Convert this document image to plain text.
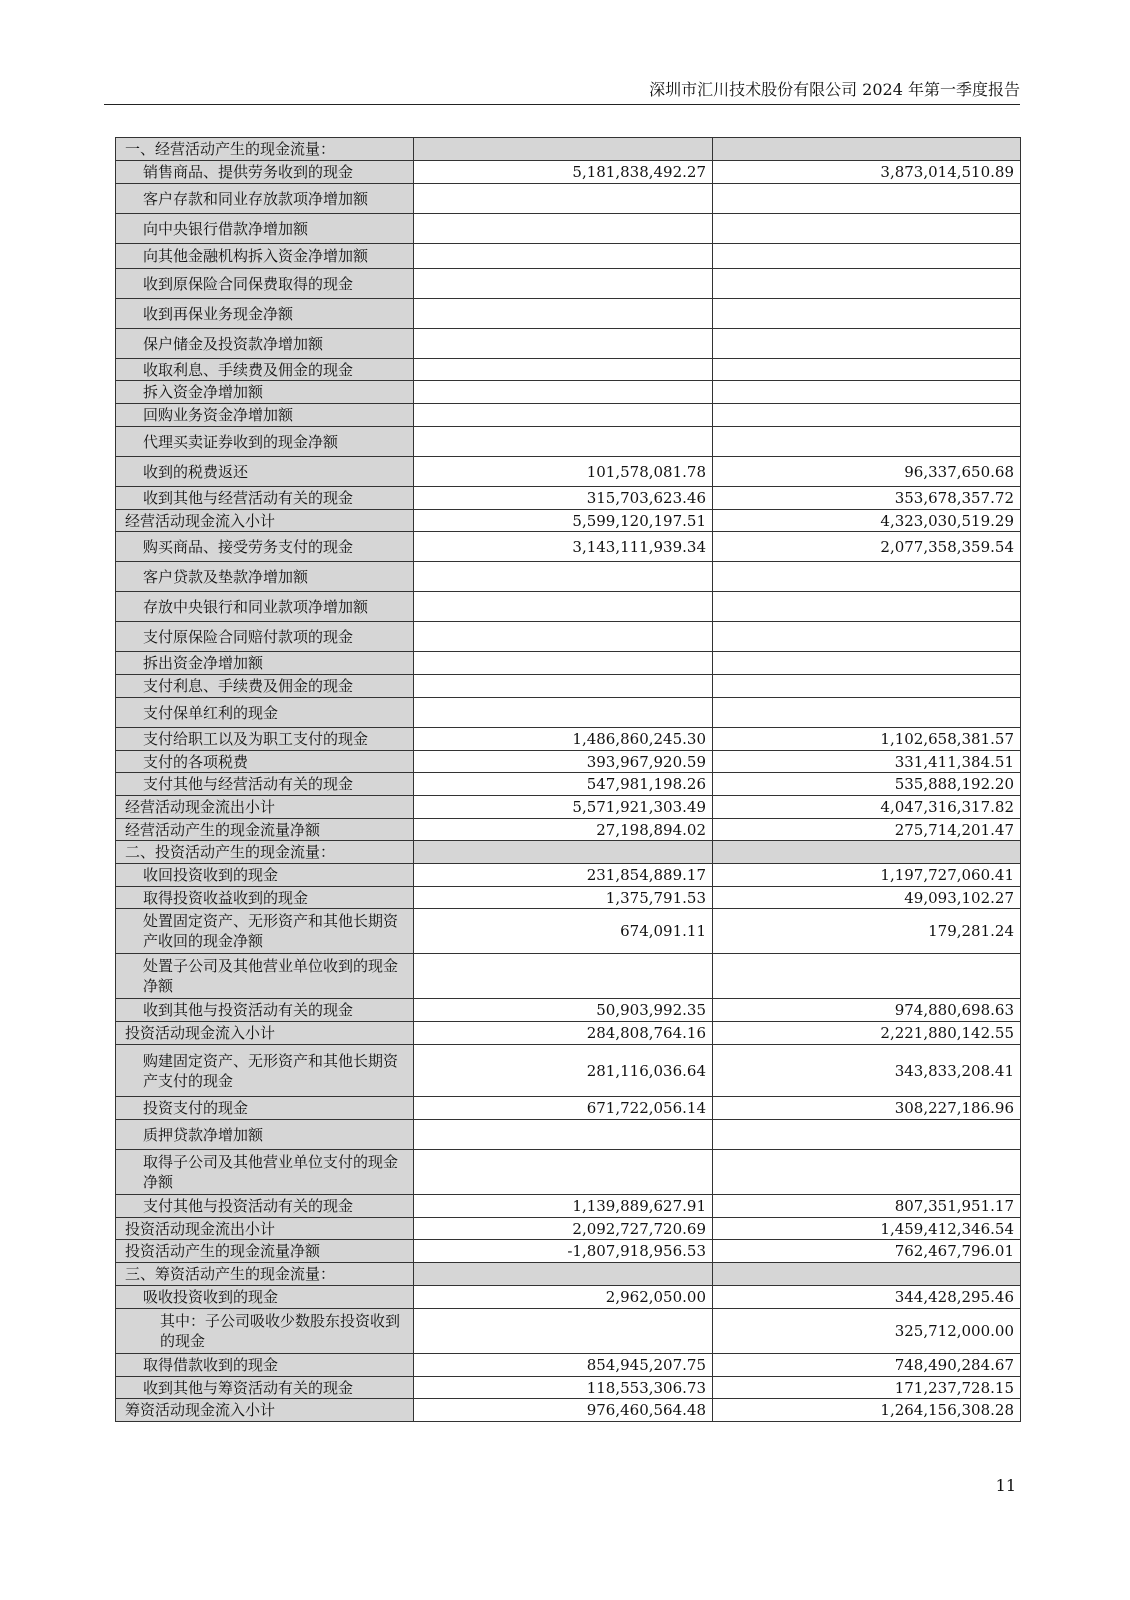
深圳市汇川技术股份有限公司 2024 年第一季度报告
一、经营活动产生的现金流量：		
销售商品、提供劳务收到的现金	5,181,838,492.27	3,873,014,510.89
客户存款和同业存放款项净增加额		
向中央银行借款净增加额		
向其他金融机构拆入资金净增加额		
收到原保险合同保费取得的现金		
收到再保业务现金净额		
保户储金及投资款净增加额		
收取利息、手续费及佣金的现金		
拆入资金净增加额		
回购业务资金净增加额		
代理买卖证券收到的现金净额		
收到的税费返还	101,578,081.78	96,337,650.68
收到其他与经营活动有关的现金	315,703,623.46	353,678,357.72
经营活动现金流入小计	5,599,120,197.51	4,323,030,519.29
购买商品、接受劳务支付的现金	3,143,111,939.34	2,077,358,359.54
客户贷款及垫款净增加额		
存放中央银行和同业款项净增加额		
支付原保险合同赔付款项的现金		
拆出资金净增加额		
支付利息、手续费及佣金的现金		
支付保单红利的现金		
支付给职工以及为职工支付的现金	1,486,860,245.30	1,102,658,381.57
支付的各项税费	393,967,920.59	331,411,384.51
支付其他与经营活动有关的现金	547,981,198.26	535,888,192.20
经营活动现金流出小计	5,571,921,303.49	4,047,316,317.82
经营活动产生的现金流量净额	27,198,894.02	275,714,201.47
二、投资活动产生的现金流量：		
收回投资收到的现金	231,854,889.17	1,197,727,060.41
取得投资收益收到的现金	1,375,791.53	49,093,102.27
处置固定资产、无形资产和其他长期资产收回的现金净额	674,091.11	179,281.24
处置子公司及其他营业单位收到的现金净额		
收到其他与投资活动有关的现金	50,903,992.35	974,880,698.63
投资活动现金流入小计	284,808,764.16	2,221,880,142.55
购建固定资产、无形资产和其他长期资产支付的现金	281,116,036.64	343,833,208.41
投资支付的现金	671,722,056.14	308,227,186.96
质押贷款净增加额		
取得子公司及其他营业单位支付的现金净额		
支付其他与投资活动有关的现金	1,139,889,627.91	807,351,951.17
投资活动现金流出小计	2,092,727,720.69	1,459,412,346.54
投资活动产生的现金流量净额	-1,807,918,956.53	762,467,796.01
三、筹资活动产生的现金流量：		
吸收投资收到的现金	2,962,050.00	344,428,295.46
其中：子公司吸收少数股东投资收到的现金		325,712,000.00
取得借款收到的现金	854,945,207.75	748,490,284.67
收到其他与筹资活动有关的现金	118,553,306.73	171,237,728.15
筹资活动现金流入小计	976,460,564.48	1,264,156,308.28
11
